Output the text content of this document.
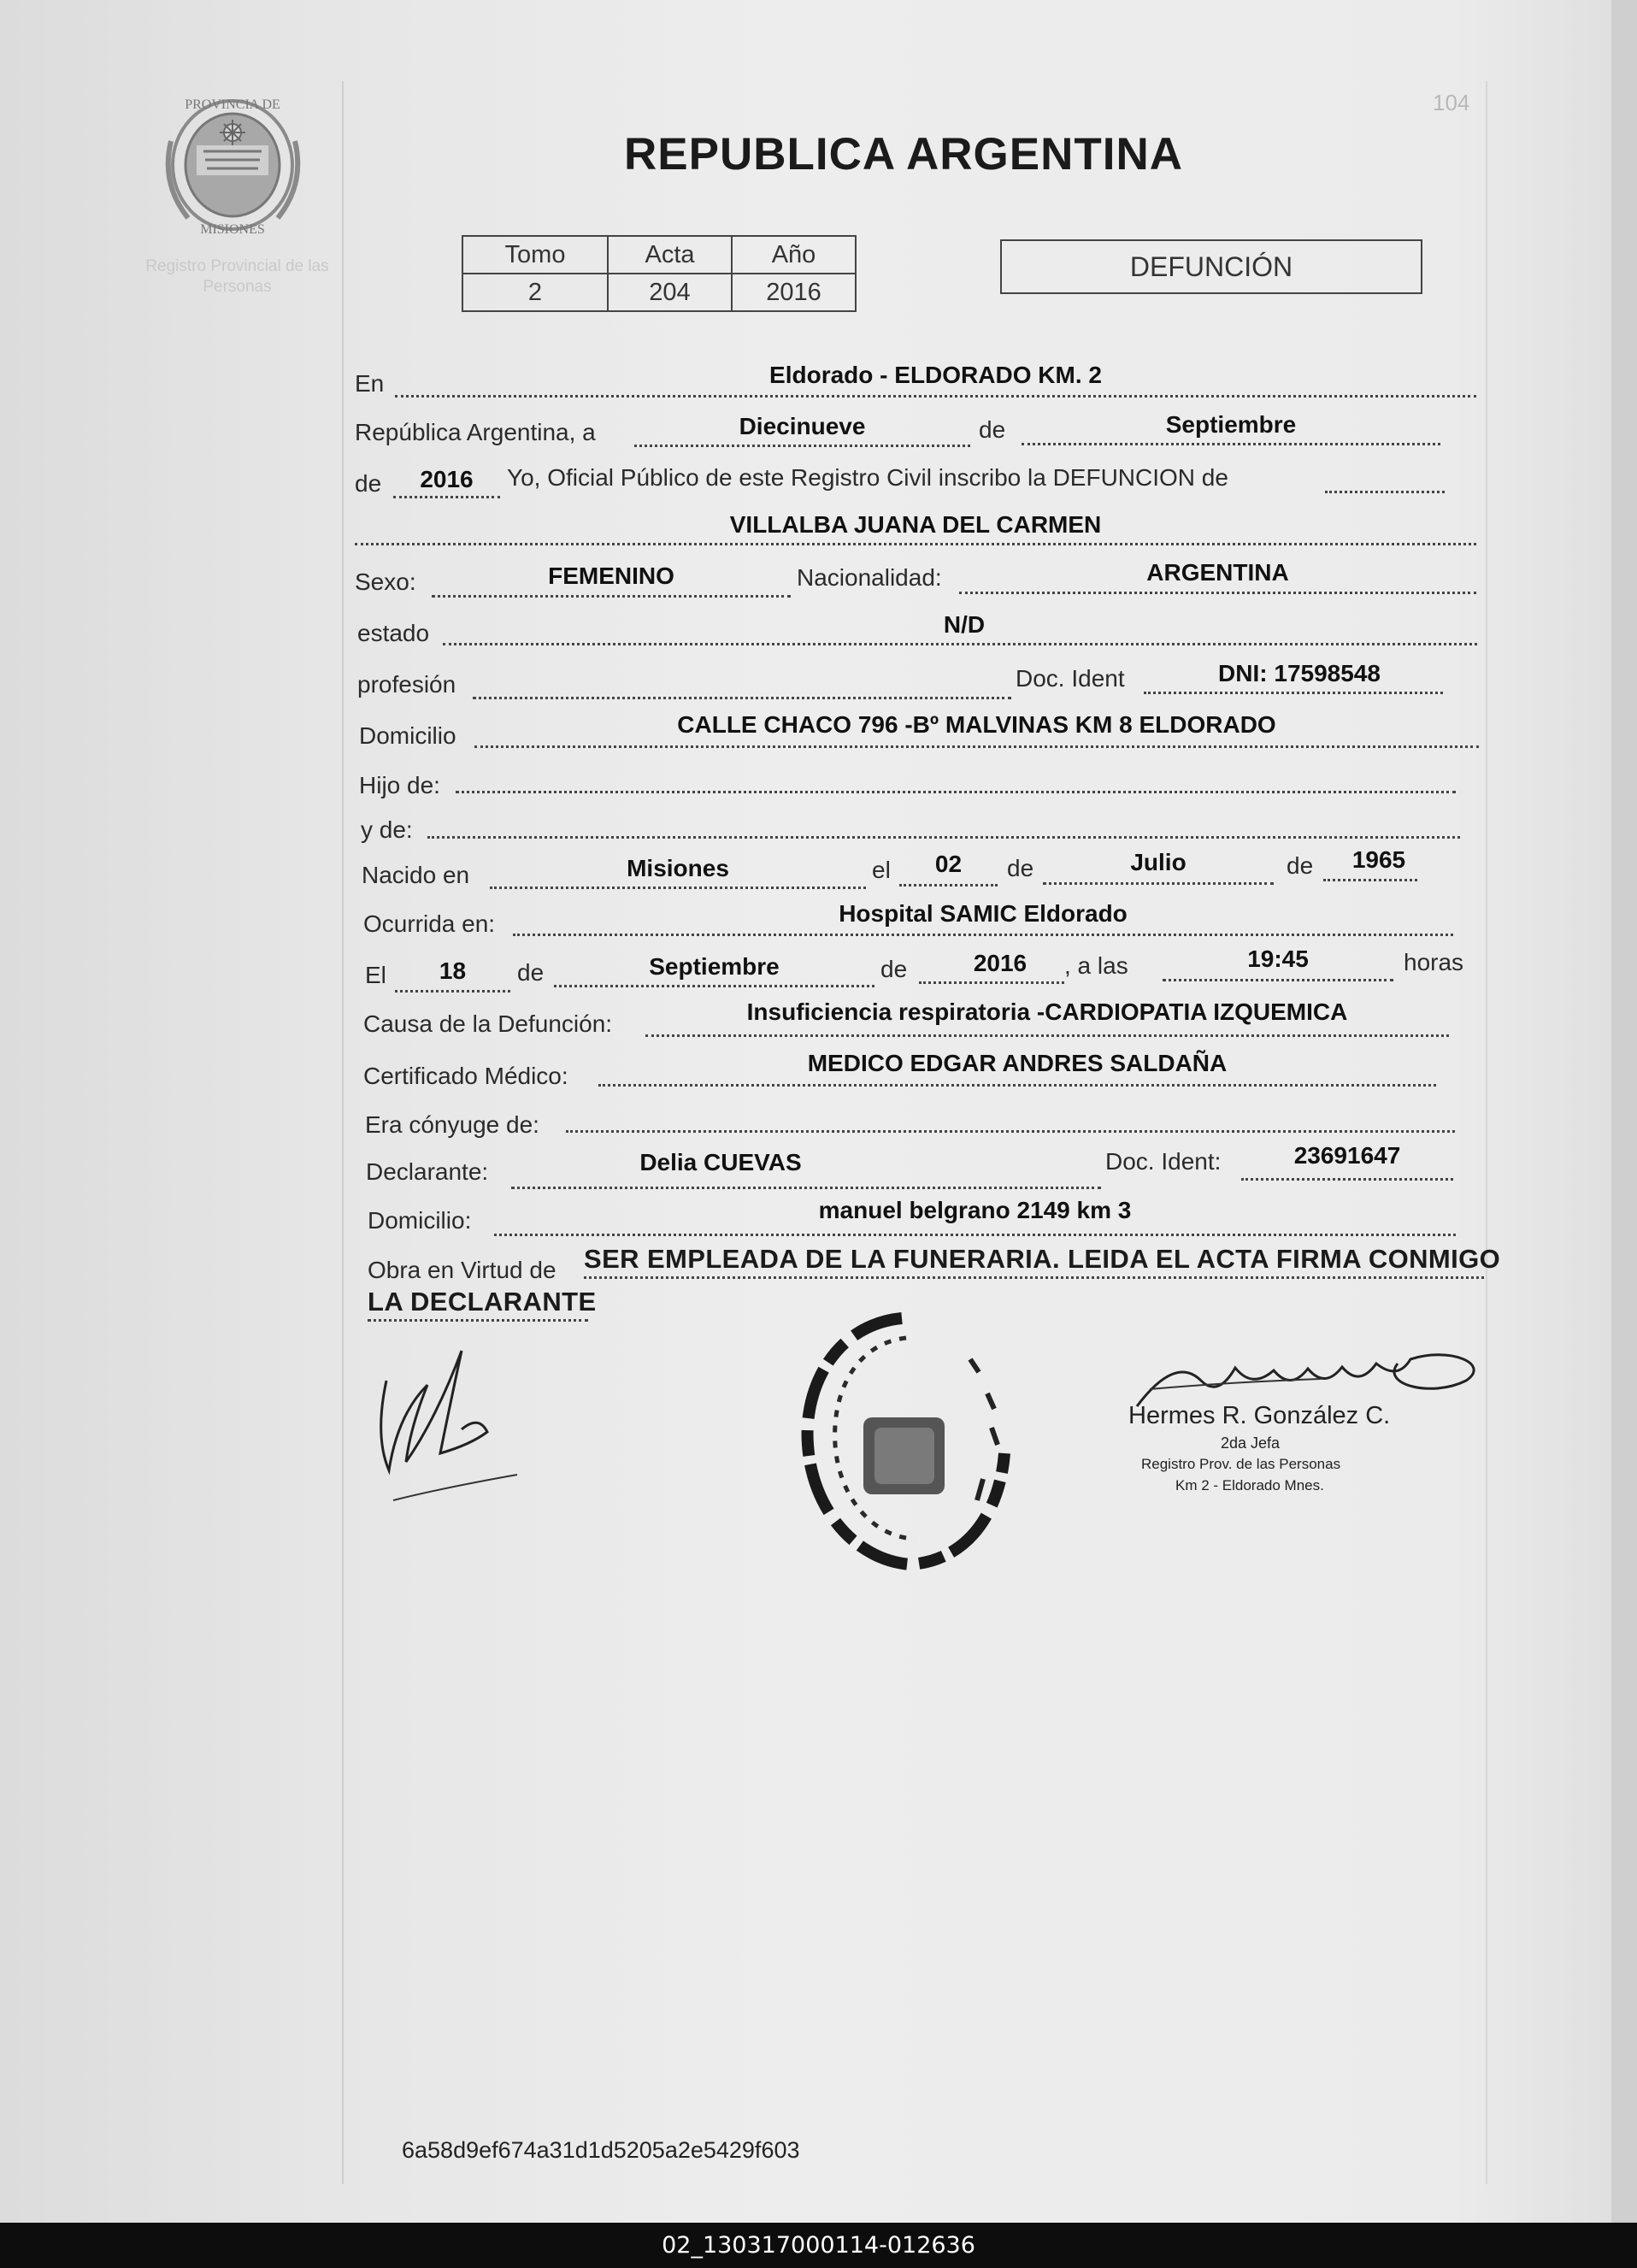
PROVINCIA DE
MISIONES
Registro Provincial de las Personas
104
REPUBLICA ARGENTINA
Tomo	Acta	Año
2	204	2016
DEFUNCIÓN
En	Eldorado - ELDORADO KM. 2
República Argentina, a	Diecinueve	de	Septiembre
de	2016	Yo, Oficial Público de este Registro Civil inscribo la DEFUNCION de
VILLALBA JUANA DEL CARMEN
Sexo:	FEMENINO	Nacionalidad:	ARGENTINA
estado	N/D
profesión	Doc. Ident	DNI: 17598548
Domicilio	CALLE CHACO 796 -Bº MALVINAS KM 8 ELDORADO
Hijo de:
y de:
Nacido en	Misiones	el	02	de	Julio	de	1965
Ocurrida en:	Hospital SAMIC Eldorado
El	18	de	Septiembre	de	2016	, a las	19:45	horas
Causa de la Defunción:	Insuficiencia respiratoria -CARDIOPATIA IZQUEMICA
Certificado Médico:	MEDICO EDGAR ANDRES SALDAÑA
Era cónyuge de:
Declarante:	Delia CUEVAS	Doc. Ident:	23691647
Domicilio:	manuel belgrano 2149 km 3
Obra en Virtud de SER EMPLEADA DE LA FUNERARIA. LEIDA EL ACTA FIRMA CONMIGO
LA DECLARANTE
Hermes R. González C.
2da Jefa
Registro Prov. de las Personas
Km 2 - Eldorado Mnes.
6a58d9ef674a31d1d5205a2e5429f603
02_130317000114-012636
